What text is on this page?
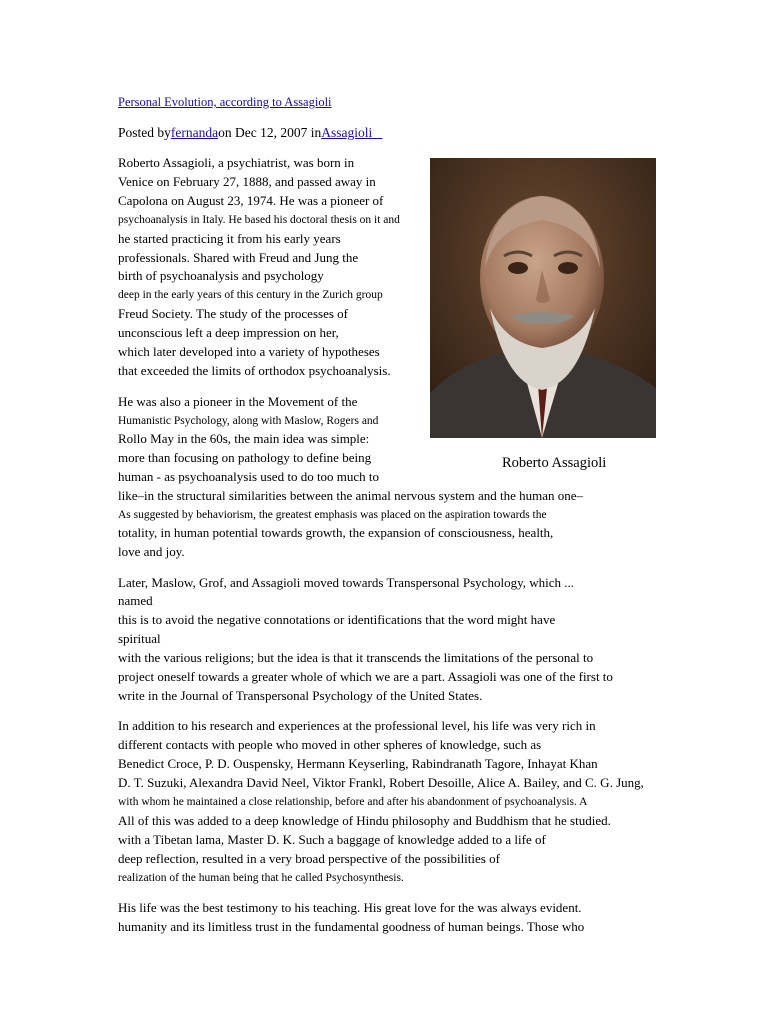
Personal Evolution, according to Assagioli
Posted byfernandaon Dec 12, 2007 inAssagioli
Roberto Assagioli
Roberto Assagioli, a psychiatrist, was born in
Venice on February 27, 1888, and passed away in
Capolona on August 23, 1974. He was a pioneer of
psychoanalysis in Italy. He based his doctoral thesis on it and
he started practicing it from his early years
professionals. Shared with Freud and Jung the
birth of psychoanalysis and psychology
deep in the early years of this century in the Zurich group
Freud Society. The study of the processes of
unconscious left a deep impression on her,
which later developed into a variety of hypotheses
that exceeded the limits of orthodox psychoanalysis.
He was also a pioneer in the Movement of the
Humanistic Psychology, along with Maslow, Rogers and
Rollo May in the 60s, the main idea was simple:
more than focusing on pathology to define being
human - as psychoanalysis used to do too much to
like–in the structural similarities between the animal nervous system and the human one–
As suggested by behaviorism, the greatest emphasis was placed on the aspiration towards the
totality, in human potential towards growth, the expansion of consciousness, health,
love and joy.
Later, Maslow, Grof, and Assagioli moved towards Transpersonal Psychology, which ...
named
this is to avoid the negative connotations or identifications that the word might have
spiritual
with the various religions; but the idea is that it transcends the limitations of the personal to
project oneself towards a greater whole of which we are a part. Assagioli was one of the first to
write in the Journal of Transpersonal Psychology of the United States.
In addition to his research and experiences at the professional level, his life was very rich in
different contacts with people who moved in other spheres of knowledge, such as
Benedict Croce, P. D. Ouspensky, Hermann Keyserling, Rabindranath Tagore, Inhayat Khan
D. T. Suzuki, Alexandra David Neel, Viktor Frankl, Robert Desoille, Alice A. Bailey, and C. G. Jung,
with whom he maintained a close relationship, before and after his abandonment of psychoanalysis. A
All of this was added to a deep knowledge of Hindu philosophy and Buddhism that he studied.
with a Tibetan lama, Master D. K. Such a baggage of knowledge added to a life of
deep reflection, resulted in a very broad perspective of the possibilities of
realization of the human being that he called Psychosynthesis.
His life was the best testimony to his teaching. His great love for the was always evident.
humanity and its limitless trust in the fundamental goodness of human beings. Those who
